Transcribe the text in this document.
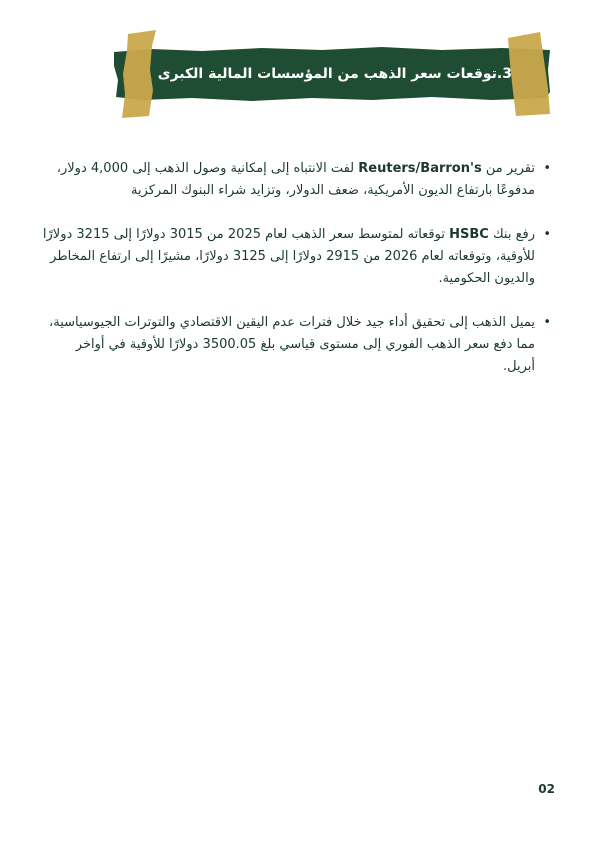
3.توقعات سعر الذهب من المؤسسات المالية الكبرى
•
تقرير من Reuters/Barron's لفت الانتباه إلى إمكانية وصول الذهب إلى 4,000 دولار، مدفوعًا بارتفاع الديون الأمريكية، ضعف الدولار، وتزايد شراء البنوك المركزية
•
رفع بنك HSBC توقعاته لمتوسط سعر الذهب لعام 2025 من 3015 دولارًا إلى 3215 دولارًا للأوقية، وتوقعاته لعام 2026 من 2915 دولارًا إلى 3125 دولارًا، مشيرًا إلى ارتفاع المخاطر والديون الحكومية.
•
يميل الذهب إلى تحقيق أداء جيد خلال فترات عدم اليقين الاقتصادي والتوترات الجيوسياسية، مما دفع سعر الذهب الفوري إلى مستوى قياسي بلغ 3500.05 دولارًا للأوقية في أواخر أبريل.
02
